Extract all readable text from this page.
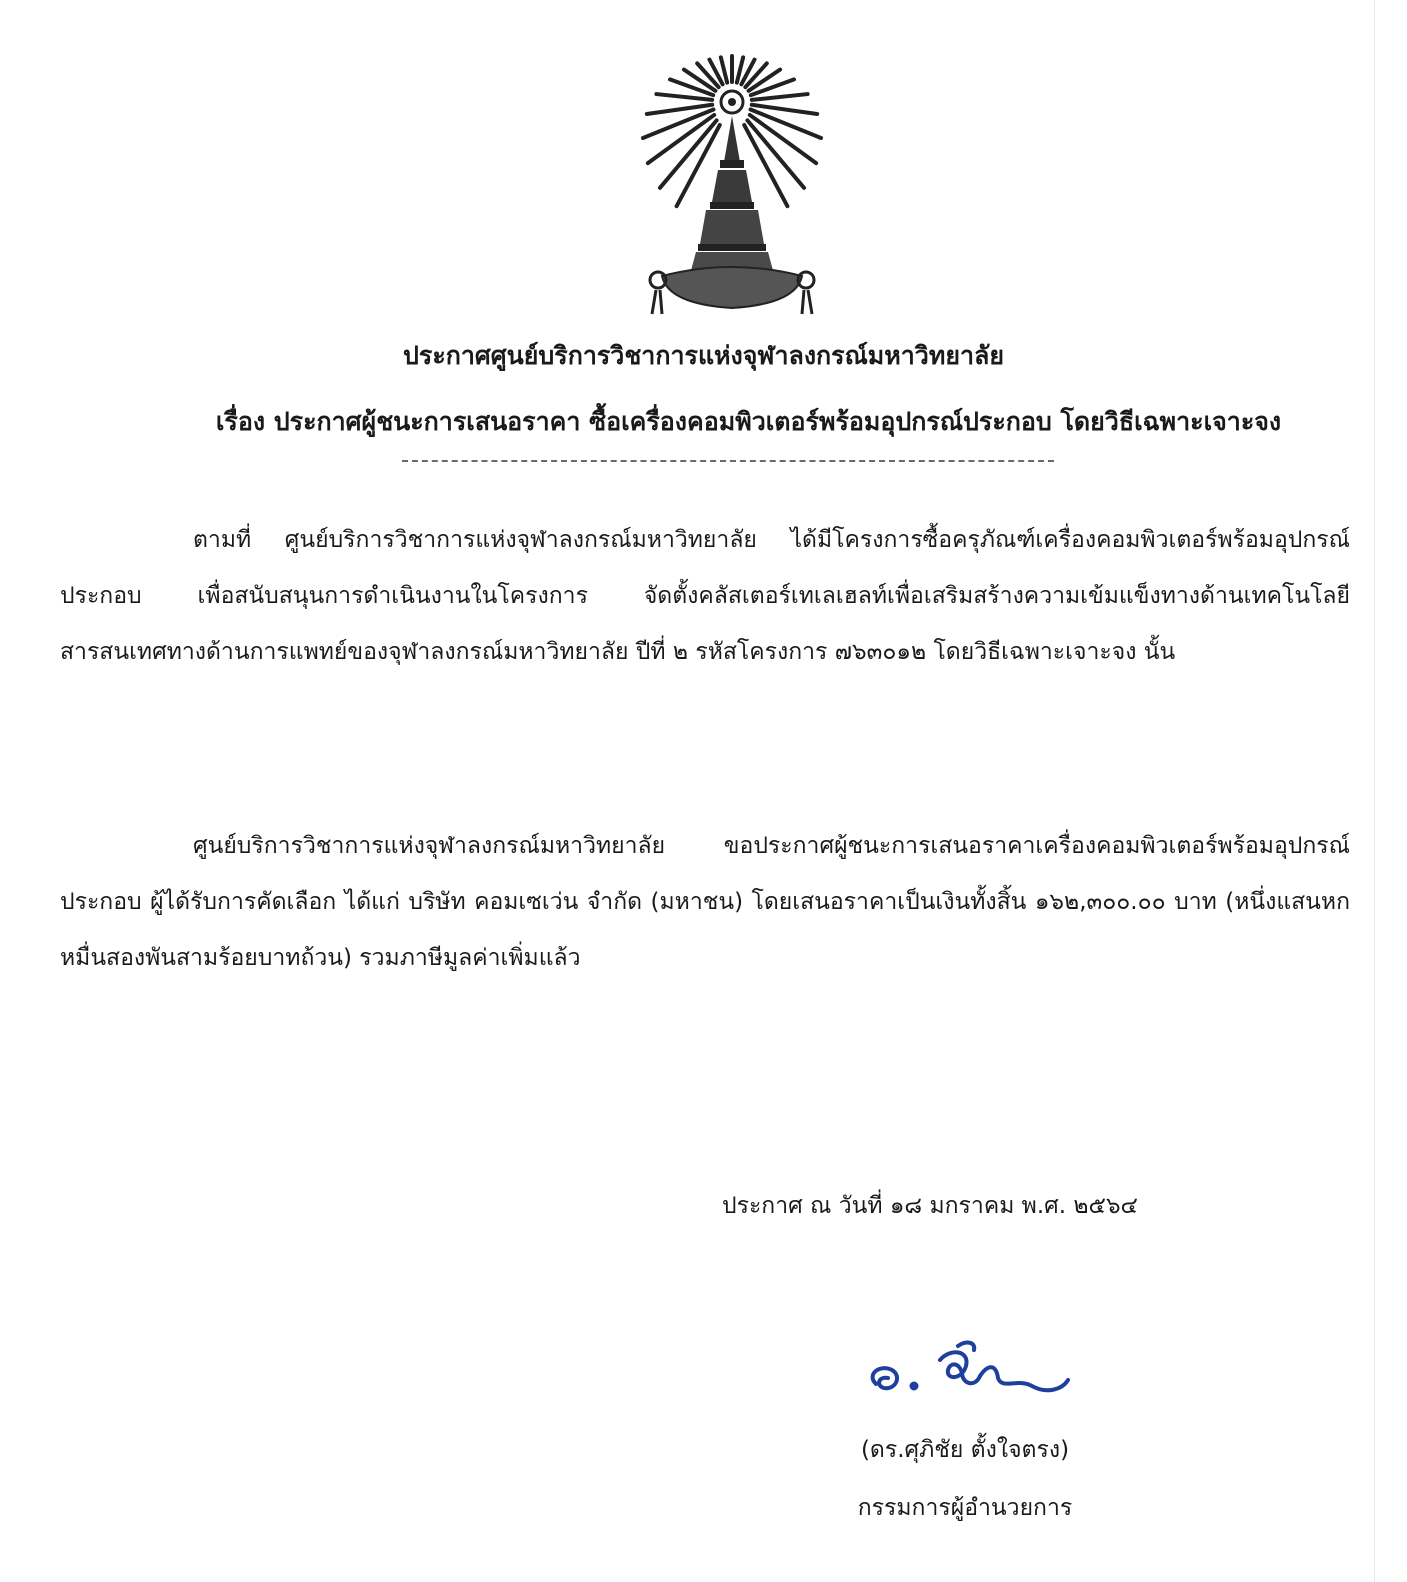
ประกาศศูนย์บริการวิชาการแห่งจุฬาลงกรณ์มหาวิทยาลัย
เรื่อง ประกาศผู้ชนะการเสนอราคา ซื้อเครื่องคอมพิวเตอร์พร้อมอุปกรณ์ประกอบ โดยวิธีเฉพาะเจาะจง
ตามที่ ศูนย์บริการวิชาการแห่งจุฬาลงกรณ์มหาวิทยาลัย ได้มีโครงการซื้อครุภัณฑ์เครื่องคอมพิวเตอร์พร้อมอุปกรณ์ประกอบ เพื่อสนับสนุนการดำเนินงานในโครงการ จัดตั้งคลัสเตอร์เทเลเฮลท์เพื่อเสริมสร้างความเข้มแข็งทางด้านเทคโนโลยีสารสนเทศทางด้านการแพทย์ของจุฬาลงกรณ์มหาวิทยาลัย ปีที่ ๒ รหัสโครงการ ๗๖๓๐๑๒ โดยวิธีเฉพาะเจาะจง นั้น
ศูนย์บริการวิชาการแห่งจุฬาลงกรณ์มหาวิทยาลัย ขอประกาศผู้ชนะการเสนอราคาเครื่องคอมพิวเตอร์พร้อมอุปกรณ์ประกอบ ผู้ได้รับการคัดเลือก ได้แก่ บริษัท คอมเซเว่น จำกัด (มหาชน) โดยเสนอราคาเป็นเงินทั้งสิ้น ๑๖๒,๓๐๐.๐๐ บาท (หนึ่งแสนหกหมื่นสองพันสามร้อยบาทถ้วน) รวมภาษีมูลค่าเพิ่มแล้ว
ประกาศ ณ วันที่ ๑๘ มกราคม พ.ศ. ๒๕๖๔
(ดร.ศุภิชัย ตั้งใจตรง)
กรรมการผู้อำนวยการ
